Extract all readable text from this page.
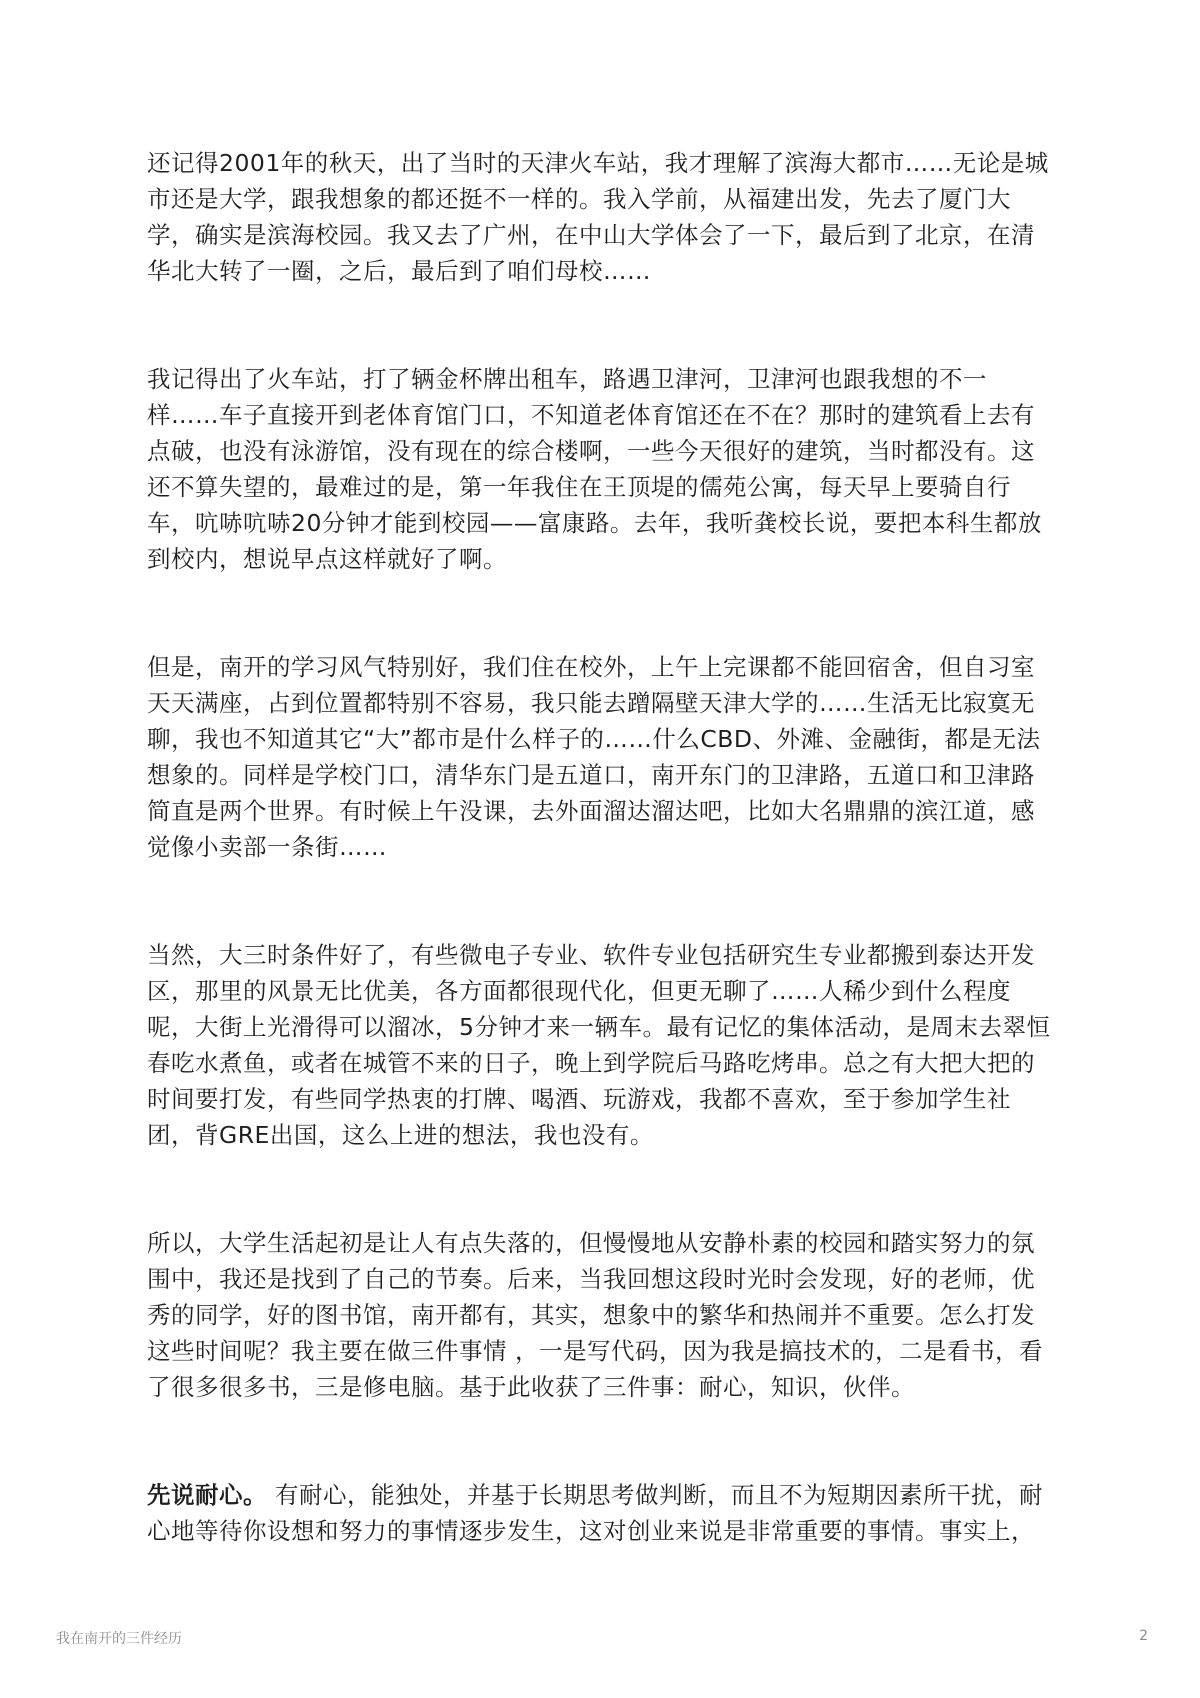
还记得2001年的秋天，出了当时的天津火车站，我才理解了滨海大都市……无论是城市还是大学，跟我想象的都还挺不一样的。我入学前，从福建出发，先去了厦门大学，确实是滨海校园。我又去了广州，在中山大学体会了一下，最后到了北京，在清华北大转了一圈，之后，最后到了咱们母校……

我记得出了火车站，打了辆金杯牌出租车，路遇卫津河，卫津河也跟我想的不一样……车子直接开到老体育馆门口，不知道老体育馆还在不在？那时的建筑看上去有点破，也没有泳游馆，没有现在的综合楼啊，一些今天很好的建筑，当时都没有。这还不算失望的，最难过的是，第一年我住在王顶堤的儒苑公寓，每天早上要骑自行车，吭哧吭哧20分钟才能到校园——富康路。去年，我听龚校长说，要把本科生都放到校内，想说早点这样就好了啊。

但是，南开的学习风气特别好，我们住在校外，上午上完课都不能回宿舍，但自习室天天满座，占到位置都特别不容易，我只能去蹭隔壁天津大学的……生活无比寂寞无聊，我也不知道其它“大”都市是什么样子的……什么CBD、外滩、金融街，都是无法想象的。同样是学校门口，清华东门是五道口，南开东门的卫津路，五道口和卫津路简直是两个世界。有时候上午没课，去外面溜达溜达吧，比如大名鼎鼎的滨江道，感觉像小卖部一条街……

当然，大三时条件好了，有些微电子专业、软件专业包括研究生专业都搬到泰达开发区，那里的风景无比优美，各方面都很现代化，但更无聊了……人稀少到什么程度呢，大街上光滑得可以溜冰，5分钟才来一辆车。最有记忆的集体活动，是周末去翠恒春吃水煮鱼，或者在城管不来的日子，晚上到学院后马路吃烤串。总之有大把大把的时间要打发，有些同学热衷的打牌、喝酒、玩游戏，我都不喜欢，至于参加学生社团，背GRE出国，这么上进的想法，我也没有。

所以，大学生活起初是让人有点失落的，但慢慢地从安静朴素的校园和踏实努力的氛围中，我还是找到了自己的节奏。后来，当我回想这段时光时会发现，好的老师，优秀的同学，好的图书馆，南开都有，其实，想象中的繁华和热闹并不重要。怎么打发这些时间呢？我主要在做三件事情 ，一是写代码，因为我是搞技术的，二是看书，看了很多很多书，三是修电脑。基于此收获了三件事：耐心，知识，伙伴。

先说耐心。 有耐心，能独处，并基于长期思考做判断，而且不为短期因素所干扰，耐心地等待你设想和努力的事情逐步发生，这对创业来说是非常重要的事情。事实上，

我在南开的三件经历	2
